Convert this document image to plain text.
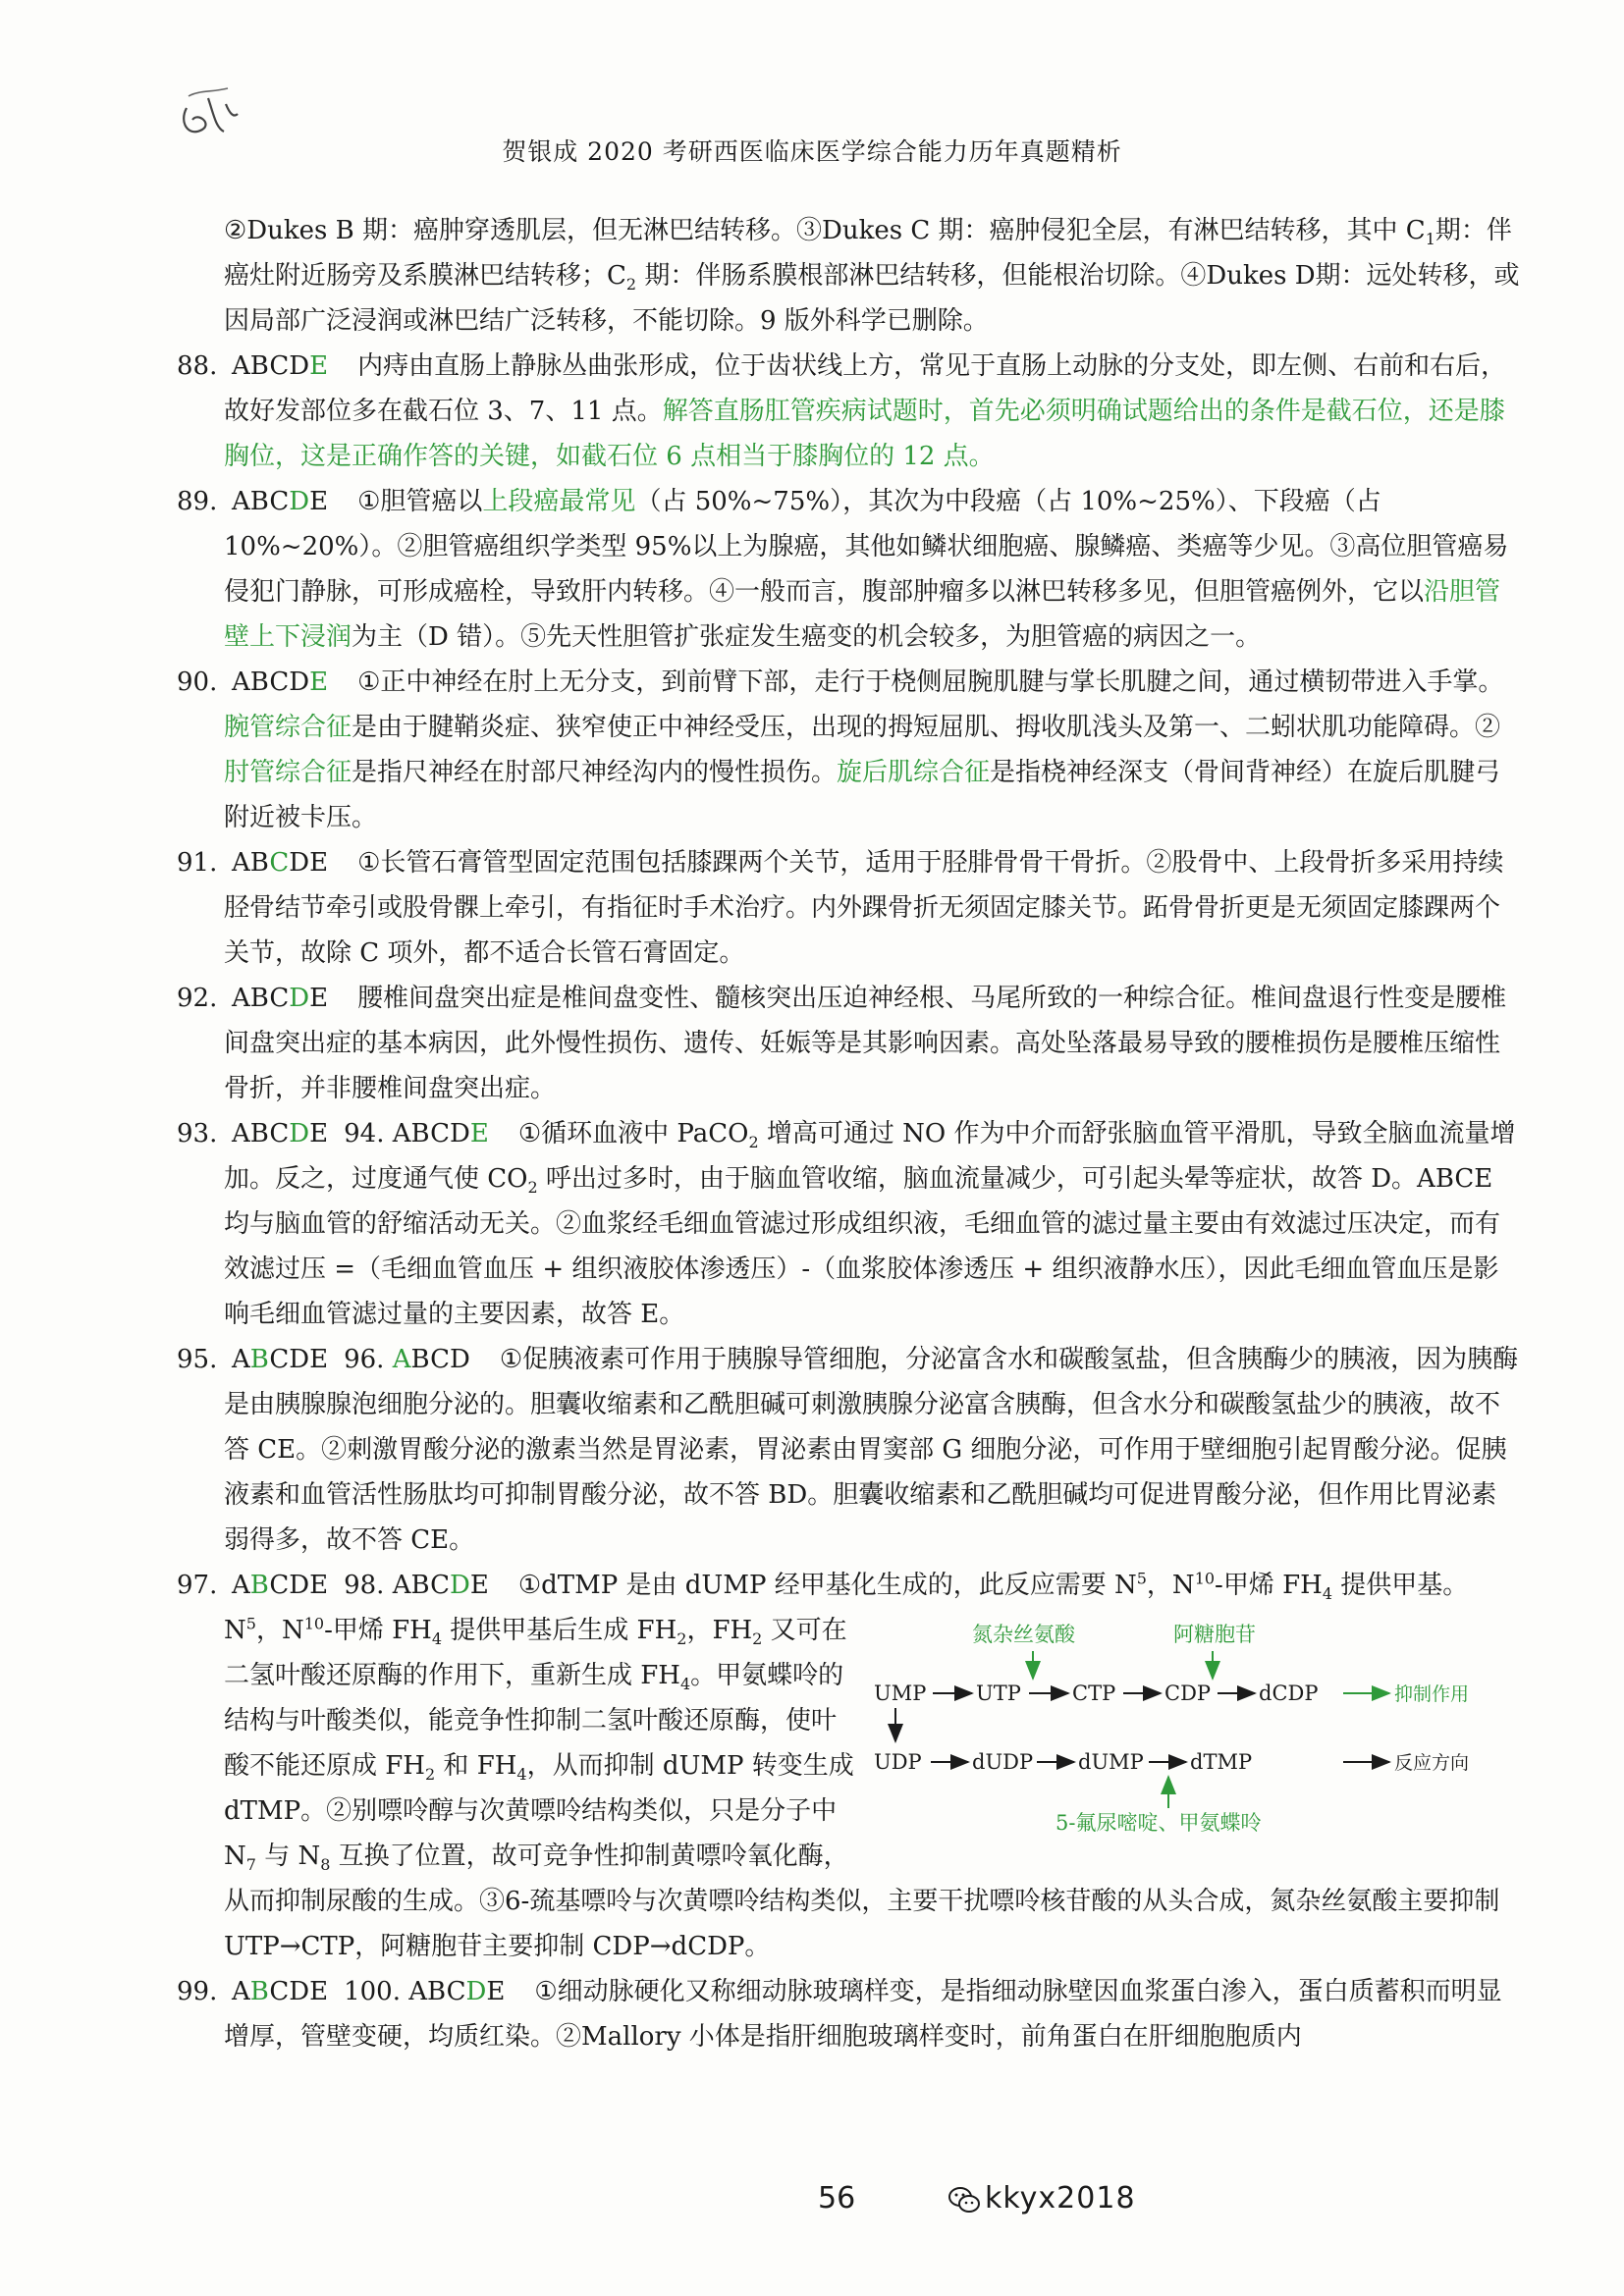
贺银成 2020 考研西医临床医学综合能力历年真题精析

②Dukes B 期：癌肿穿透肌层，但无淋巴结转移。③Dukes C 期：癌肿侵犯全层，有淋巴结转移，其中 $C_1$期：伴癌灶附近肠旁及系膜淋巴结转移；$C_2$ 期：伴肠系膜根部淋巴结转移，但能根治切除。④Dukes D期：远处转移，或因局部广泛浸润或淋巴结广泛转移，不能切除。9 版外科学已删除。

88. ABCDE 内痔由直肠上静脉丛曲张形成，位于齿状线上方，常见于直肠上动脉的分支处，即左侧、右前和右后，故好发部位多在截石位 3、7、11 点。解答直肠肛管疾病试题时，首先必须明确试题给出的条件是截石位，还是膝胸位，这是正确作答的关键，如截石位 6 点相当于膝胸位的 12 点。

89. ABCDE ①胆管癌以上段癌最常见（占 50%~75%），其次为中段癌（占 10%~25%）、下段癌（占 10%~20%）。②胆管癌组织学类型 95%以上为腺癌，其他如鳞状细胞癌、腺鳞癌、类癌等少见。③高位胆管癌易侵犯门静脉，可形成癌栓，导致肝内转移。④一般而言，腹部肿瘤多以淋巴转移多见，但胆管癌例外，它以沿胆管壁上下浸润为主（D 错）。⑤先天性胆管扩张症发生癌变的机会较多，为胆管癌的病因之一。

90. ABCDE ①正中神经在肘上无分支，到前臂下部，走行于桡侧屈腕肌腱与掌长肌腱之间，通过横韧带进入手掌。腕管综合征是由于腱鞘炎症、狭窄使正中神经受压，出现的拇短屈肌、拇收肌浅头及第一、二蚓状肌功能障碍。②肘管综合征是指尺神经在肘部尺神经沟内的慢性损伤。旋后肌综合征是指桡神经深支（骨间背神经）在旋后肌腱弓附近被卡压。

91. ABCDE ①长管石膏管型固定范围包括膝踝两个关节，适用于胫腓骨骨干骨折。②股骨中、上段骨折多采用持续胫骨结节牵引或股骨髁上牵引，有指征时手术治疗。内外踝骨折无须固定膝关节。跖骨骨折更是无须固定膝踝两个关节，故除 C 项外，都不适合长管石膏固定。

92. ABCDE 腰椎间盘突出症是椎间盘变性、髓核突出压迫神经根、马尾所致的一种综合征。椎间盘退行性变是腰椎间盘突出症的基本病因，此外慢性损伤、遗传、妊娠等是其影响因素。高处坠落最易导致的腰椎损伤是腰椎压缩性骨折，并非腰椎间盘突出症。

93. ABCDE 94. ABCDE ①循环血液中 PaCO$_2$ 增高可通过 NO 作为中介而舒张脑血管平滑肌，导致全脑血流量增加。反之，过度通气使 $CO_2$ 呼出过多时，由于脑血管收缩，脑血流量减少，可引起头晕等症状，故答 D。ABCE 均与脑血管的舒缩活动无关。②血浆经毛细血管滤过形成组织液，毛细血管的滤过量主要由有效滤过压决定，而有效滤过压 =（毛细血管血压 + 组织液胶体渗透压）-（血浆胶体渗透压 + 组织液静水压），因此毛细血管血压是影响毛细血管滤过量的主要因素，故答 E。

95. ABCDE 96. ABCD ①促胰液素可作用于胰腺导管细胞，分泌富含水和碳酸氢盐，但含胰酶少的胰液，因为胰酶是由胰腺腺泡细胞分泌的。胆囊收缩素和乙酰胆碱可刺激胰腺分泌富含胰酶，但含水分和碳酸氢盐少的胰液，故不答 CE。②刺激胃酸分泌的激素当然是胃泌素，胃泌素由胃窦部 G 细胞分泌，可作用于壁细胞引起胃酸分泌。促胰液素和血管活性肠肽均可抑制胃酸分泌，故不答 BD。胆囊收缩素和乙酰胆碱均可促进胃酸分泌，但作用比胃泌素弱得多，故不答 CE。

97. ABCDE 98. ABCDE ①dTMP 是由 dUMP 经甲基化生成的，此反应需要 $N^5$，$N^{10}-$甲烯 $FH_4$ 提供甲基。
氮杂丝氨酸	阿糖胞苷
UMP UTP CTP CDP dCDP	抑制作用
UDP dUDP dUMP dTMP	反应方向
5-氟尿嘧啶、甲氨蝶呤
$N^5$，$N^{10}-$甲烯 $FH_4$ 提供甲基后生成 $FH_2$，$FH_2$ 又可在二氢叶酸还原酶的作用下，重新生成 $FH_4$。甲氨蝶呤的结构与叶酸类似，能竞争性抑制二氢叶酸还原酶，使叶酸不能还原成 $FH_2$ 和 $FH_4$，从而抑制 dUMP 转变生成 dTMP。②别嘌呤醇与次黄嘌呤结构类似，只是分子中 $N_7$ 与 $N_8$ 互换了位置，故可竞争性抑制黄嘌呤氧化酶，从而抑制尿酸的生成。③6-巯基嘌呤与次黄嘌呤结构类似，主要干扰嘌呤核苷酸的从头合成，氮杂丝氨酸主要抑制 UTP→CTP，阿糖胞苷主要抑制 CDP→dCDP。

99. ABCDE 100. ABCDE ①细动脉硬化又称细动脉玻璃样变，是指细动脉壁因血浆蛋白渗入，蛋白质蓄积而明显增厚，管壁变硬，均质红染。②Mallory 小体是指肝细胞玻璃样变时，前角蛋白在肝细胞胞质内

56	kkyx2018
